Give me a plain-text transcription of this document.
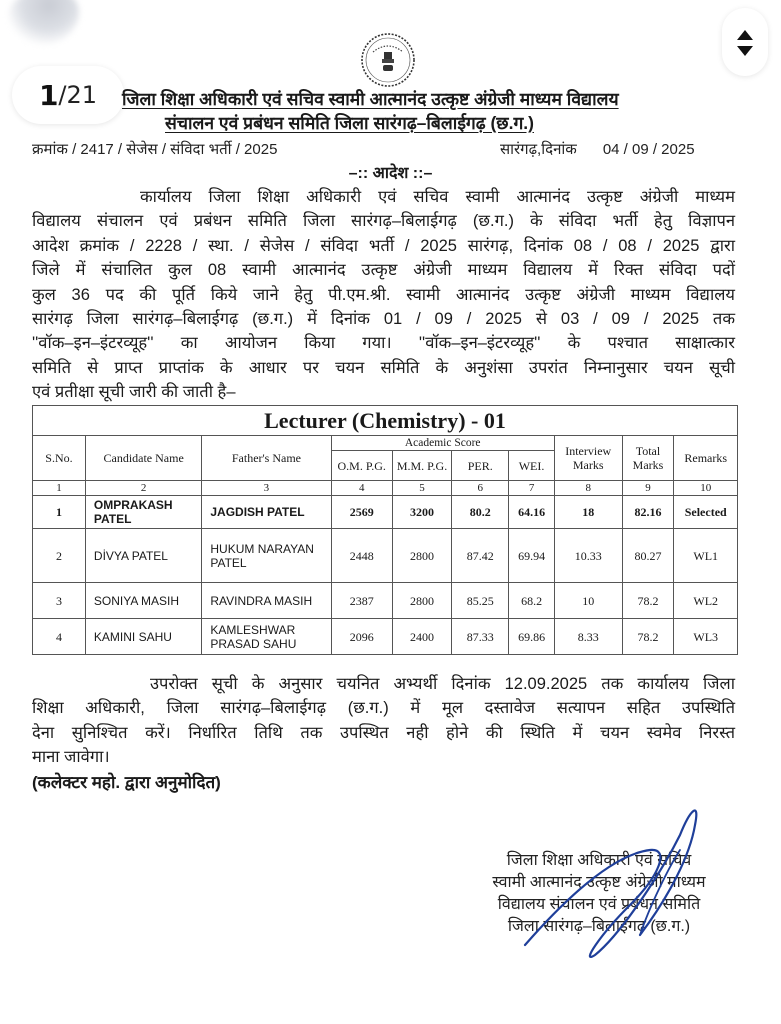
1 / 21 जिला शिक्षा अधिकारी एवं सचिव स्वामी आत्मानंद उत्कृष्ट अंग्रेजी माध्यम विद्यालय
संचालन एवं प्रबंधन समिति जिला सारंगढ़–बिलाईगढ़ (छ.ग.)
क्रमांक / 2417 / सेजेस / संविदा भर्ती / 2025	सारंगढ़,दिनांक 04 / 09 / 2025
–:: आदेश ::–

कार्यालय जिला शिक्षा अधिकारी एवं सचिव स्वामी आत्मानंद उत्कृष्ट अंग्रेजी माध्यम

विद्यालय संचालन एवं प्रबंधन समिति जिला सारंगढ़–बिलाईगढ़ (छ.ग.) के संविदा भर्ती हेतु विज्ञापन

आदेश क्रमांक / 2228 / स्था. / सेजेस / संविदा भर्ती / 2025 सारंगढ़, दिनांक 08 / 08 / 2025 द्वारा

जिले में संचालित कुल 08 स्वामी आत्मानंद उत्कृष्ट अंग्रेजी माध्यम विद्यालय में रिक्त संविदा पदों

कुल 36 पद की पूर्ति किये जाने हेतु पी.एम.श्री. स्वामी आत्मानंद उत्कृष्ट अंग्रेजी माध्यम विद्यालय

सारंगढ़ जिला सारंगढ़–बिलाईगढ़ (छ.ग.) में दिनांक 01 / 09 / 2025 से 03 / 09 / 2025 तक

''वॉक–इन–इंटरव्यूह'' का आयोजन किया गया। ''वॉक–इन–इंटरव्यूह'' के पश्चात साक्षात्कार

समिति से प्राप्त प्राप्तांक के आधार पर चयन समिति के अनुशंसा उपरांत निम्नानुसार चयन सूची

एवं प्रतीक्षा सूची जारी की जाती है–

Lecturer (Chemistry) - 01									
S.No.	Candidate Name	Father's Name	Academic Score				Interview Marks	Total Marks	Remarks
			O.M. P.G.	M.M. P.G.	PER.	WEI.			
1	2	3	4	5	6	7	8	9	10
1	OMPRAKASH PATEL	JAGDISH PATEL	2569	3200	80.2	64.16	18	82.16	Selected
2	DİVYA PATEL	HUKUM NARAYAN PATEL	2448	2800	87.42	69.94	10.33	80.27	WL1
3	SONIYA MASIH	RAVINDRA MASIH	2387	2800	85.25	68.2	10	78.2	WL2
4	KAMINI SAHU	KAMLESHWAR PRASAD SAHU	2096	2400	87.33	69.86	8.33	78.2	WL3

उपरोक्त सूची के अनुसार चयनित अभ्यर्थी दिनांक 12.09.2025 तक कार्यालय जिला

शिक्षा अधिकारी, जिला सारंगढ़–बिलाईगढ़ (छ.ग.) में मूल दस्तावेज सत्यापन सहित उपस्थिति

देना सुनिश्चित करें। निर्धारित तिथि तक उपस्थित नही होने की स्थिति में चयन स्वमेव निरस्त

माना जावेगा।

(कलेक्टर महो. द्वारा अनुमोदित)
जिला शिक्षा अधिकारी एवं सचिव
स्वामी आत्मानंद उत्कृष्ट अंग्रेजी माध्यम
विद्यालय संचालन एवं प्रबंधन समिति
जिला सारंगढ़–बिलाईगढ़ (छ.ग.)
